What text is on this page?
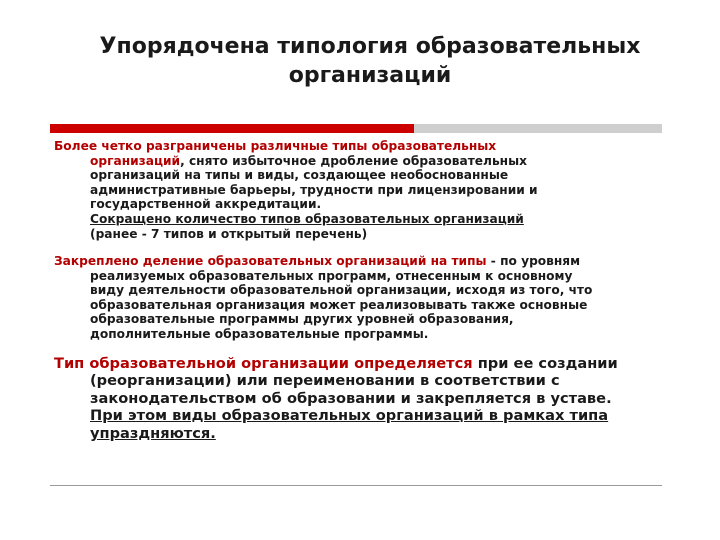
Упорядочена типология образовательных
организаций
Более четко разграничены различные типы образовательных
организаций, снято избыточное дробление образовательных
организаций на типы и виды, создающее необоснованные
административные барьеры, трудности при лицензировании и
государственной аккредитации.
Сокращено количество типов образовательных организаций
(ранее - 7 типов и открытый перечень)
Закреплено деление образовательных организаций на типы - по уровням
реализуемых образовательных программ, отнесенным к основному
виду деятельности образовательной организации, исходя из того, что
образовательная организация может реализовывать также основные
образовательные программы других уровней образования,
дополнительные образовательные программы.
Тип образовательной организации определяется при ее создании
(реорганизации) или переименовании в соответствии с
законодательством об образовании и закрепляется в уставе.
При этом виды образовательных организаций в рамках типа
упраздняются.
